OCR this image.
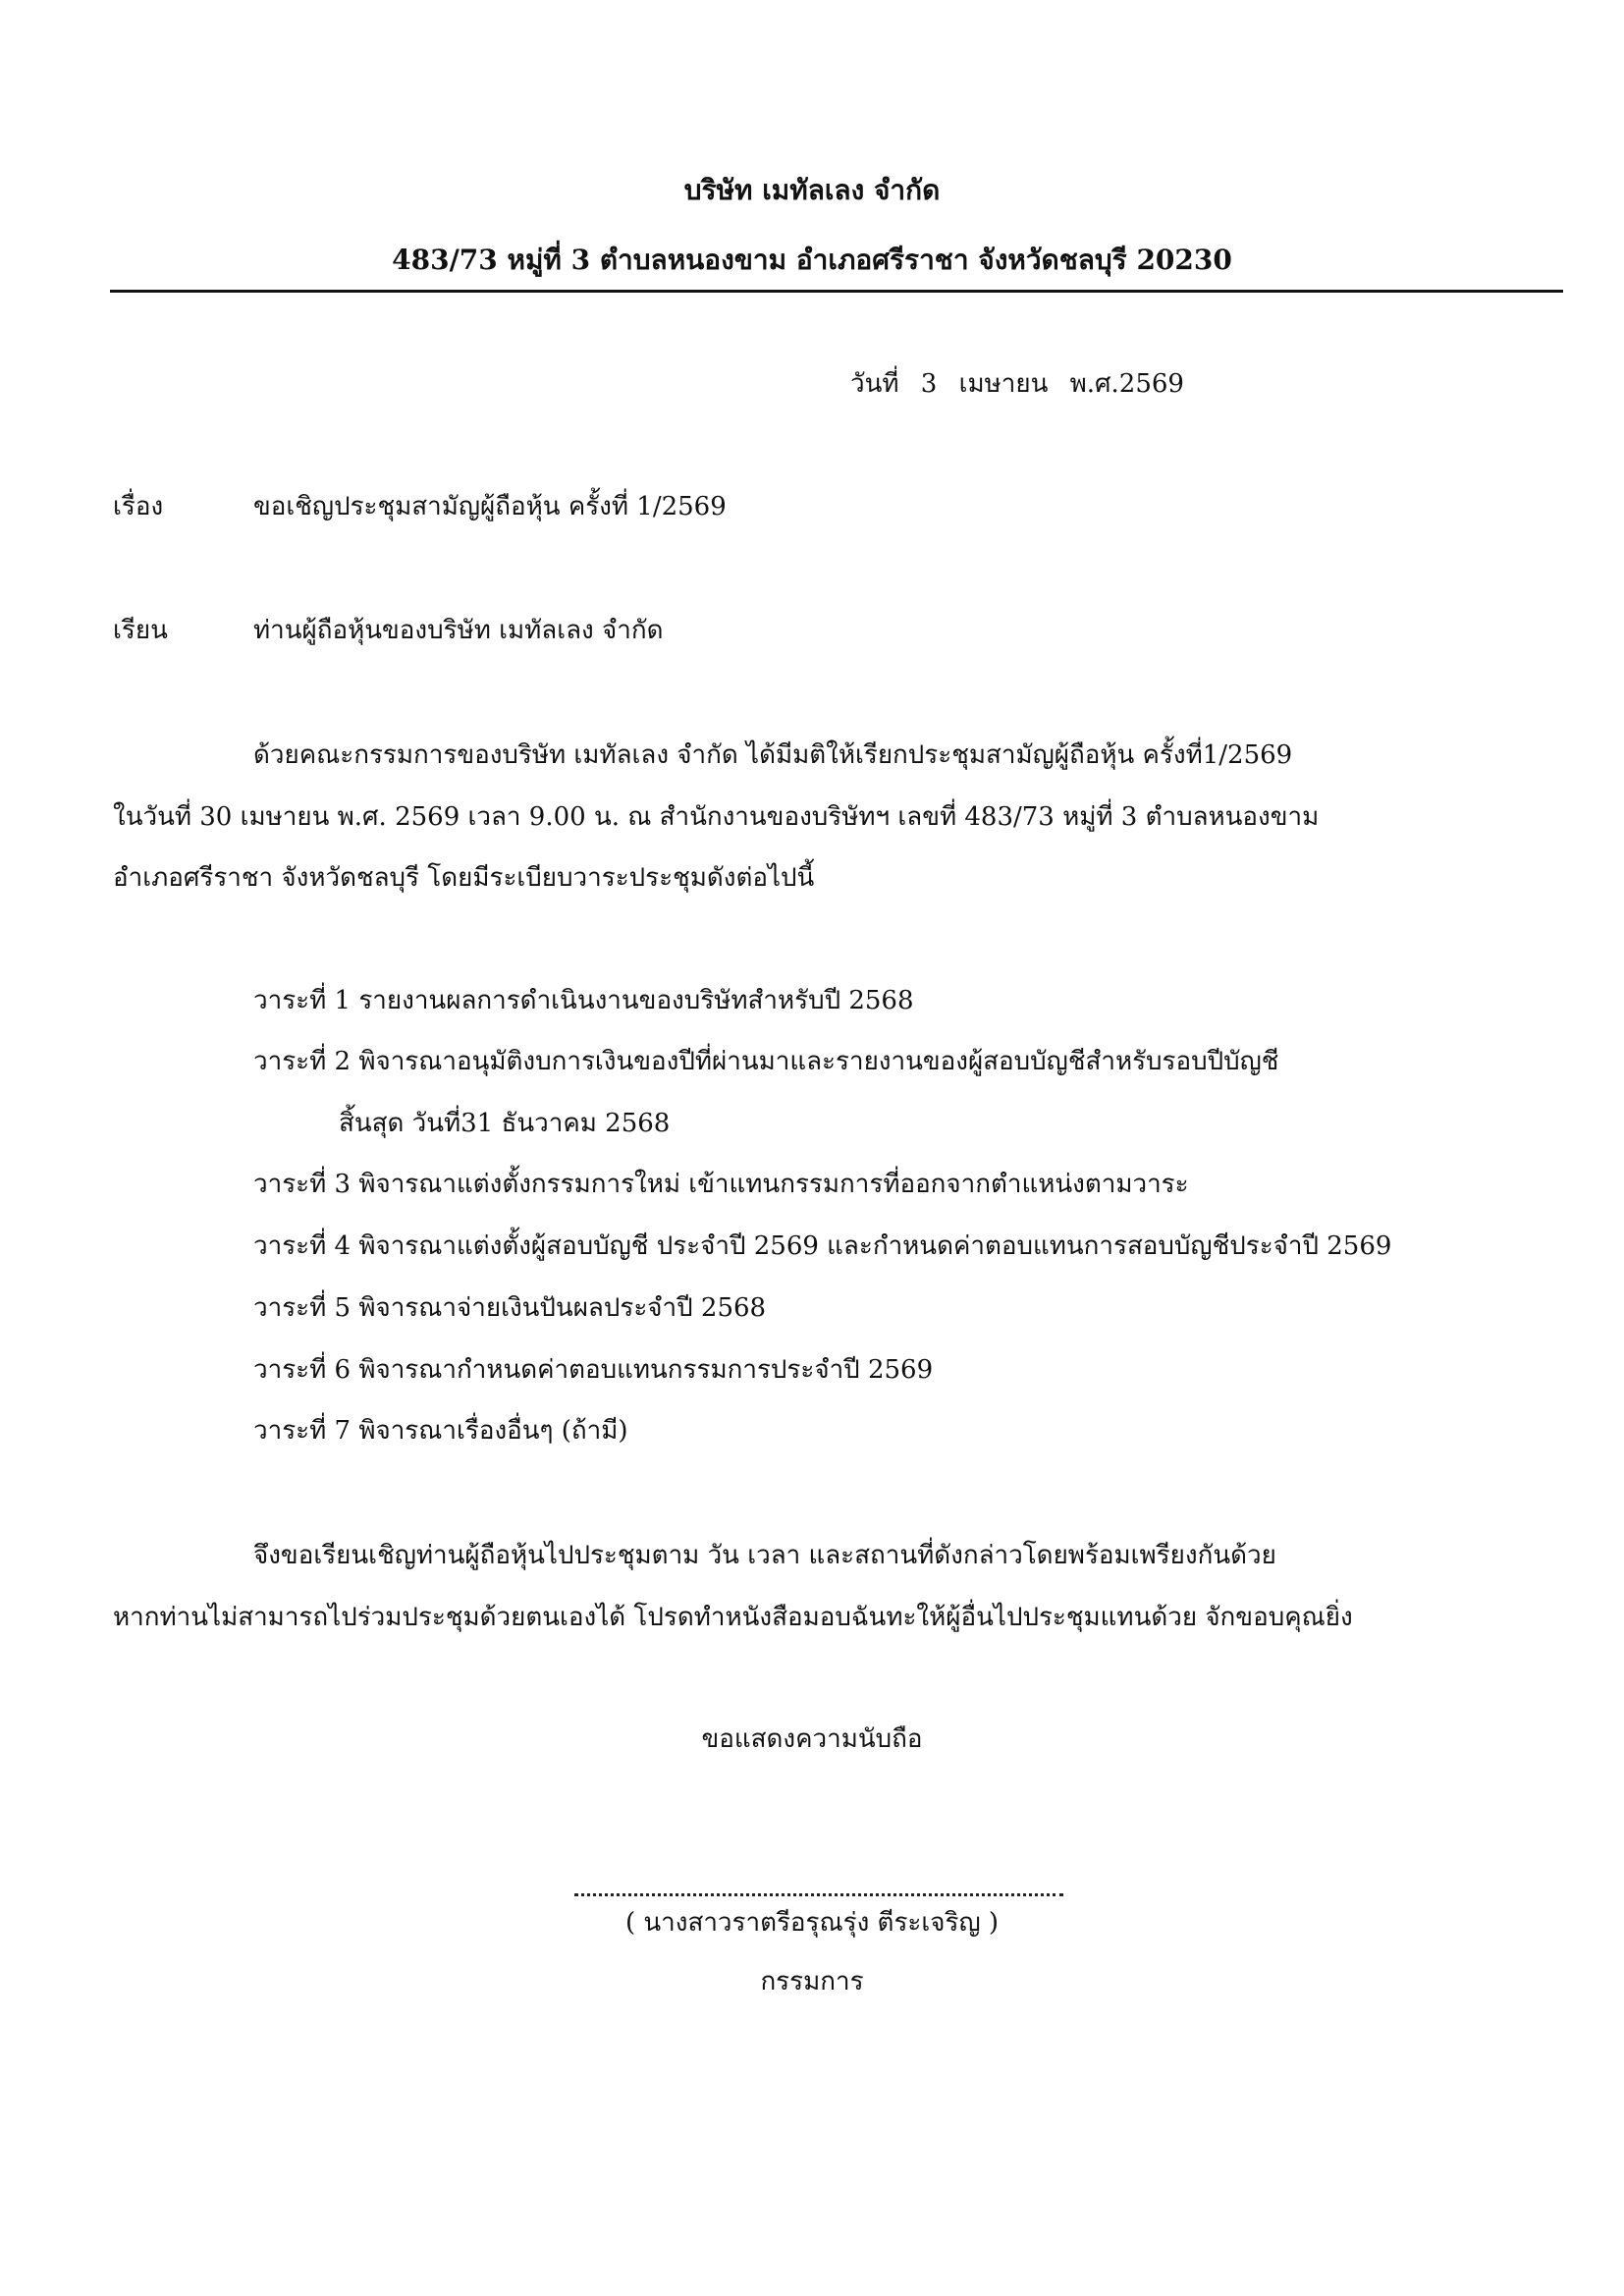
บริษัท เมทัลเลง จำกัด
483/73 หมู่ที่ 3 ตำบลหนองขาม อำเภอศรีราชา จังหวัดชลบุรี 20230
วันที่ 3 เมษายน พ.ศ.2569
เรื่อง	ขอเชิญประชุมสามัญผู้ถือหุ้น ครั้งที่ 1/2569
เรียน	ท่านผู้ถือหุ้นของบริษัท เมทัลเลง จำกัด
ด้วยคณะกรรมการของบริษัท เมทัลเลง จำกัด ได้มีมติให้เรียกประชุมสามัญผู้ถือหุ้น ครั้งที่1/2569
ในวันที่ 30 เมษายน พ.ศ. 2569 เวลา 9.00 น. ณ สำนักงานของบริษัทฯ เลขที่ 483/73 หมู่ที่ 3 ตำบลหนองขาม
อำเภอศรีราชา จังหวัดชลบุรี โดยมีระเบียบวาระประชุมดังต่อไปนี้
วาระที่ 1 รายงานผลการดำเนินงานของบริษัทสำหรับปี 2568
วาระที่ 2 พิจารณาอนุมัติงบการเงินของปีที่ผ่านมาและรายงานของผู้สอบบัญชีสำหรับรอบปีบัญชี
สิ้นสุด วันที่31 ธันวาคม 2568
วาระที่ 3 พิจารณาแต่งตั้งกรรมการใหม่ เข้าแทนกรรมการที่ออกจากตำแหน่งตามวาระ
วาระที่ 4 พิจารณาแต่งตั้งผู้สอบบัญชี ประจำปี 2569 และกำหนดค่าตอบแทนการสอบบัญชีประจำปี 2569
วาระที่ 5 พิจารณาจ่ายเงินปันผลประจำปี 2568
วาระที่ 6 พิจารณากำหนดค่าตอบแทนกรรมการประจำปี 2569
วาระที่ 7 พิจารณาเรื่องอื่นๆ (ถ้ามี)
จึงขอเรียนเชิญท่านผู้ถือหุ้นไปประชุมตาม วัน เวลา และสถานที่ดังกล่าวโดยพร้อมเพรียงกันด้วย
หากท่านไม่สามารถไปร่วมประชุมด้วยตนเองได้ โปรดทำหนังสือมอบฉันทะให้ผู้อื่นไปประชุมแทนด้วย จักขอบคุณยิ่ง
ขอแสดงความนับถือ
( นางสาวราตรีอรุณรุ่ง ตีระเจริญ )
กรรมการ
